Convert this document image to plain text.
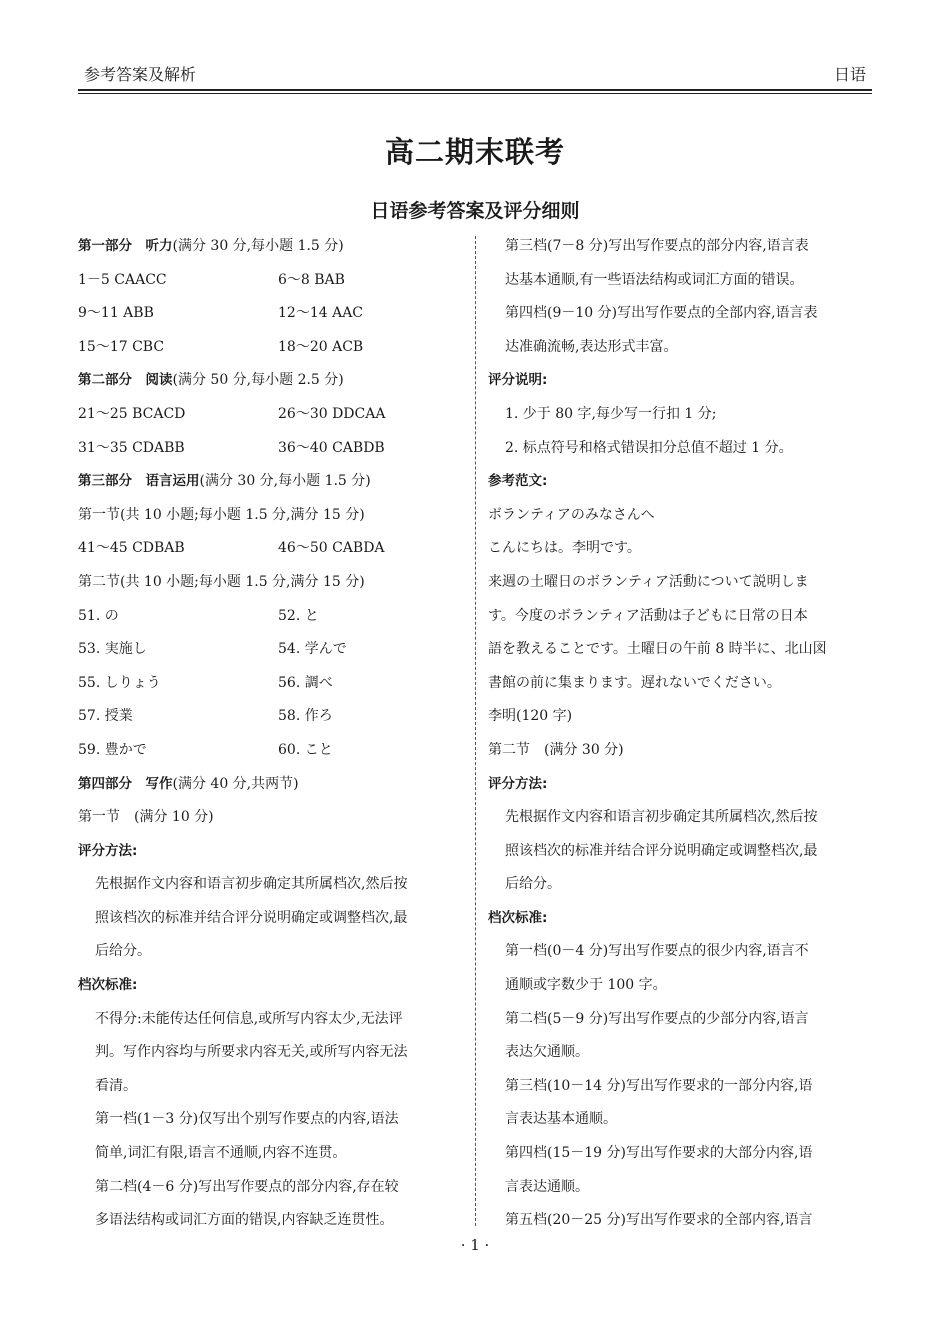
参考答案及解析	日语
高二期末联考
日语参考答案及评分细则
第一部分　听力(满分 30 分,每小题 1.5 分)
1－5 CAACC	6～8 BAB
9～11 ABB	12～14 AAC
15～17 CBC	18～20 ACB
第二部分　阅读(满分 50 分,每小题 2.5 分)
21～25 BCACD	26～30 DDCAA
31～35 CDABB	36～40 CABDB
第三部分　语言运用(满分 30 分,每小题 1.5 分)
第一节(共 10 小题;每小题 1.5 分,满分 15 分)
41～45 CDBAB	46～50 CABDA
第二节(共 10 小题;每小题 1.5 分,满分 15 分)
51. の	52. と
53. 実施し	54. 学んで
55. しりょう	56. 調べ
57. 授業	58. 作ろ
59. 豊かで	60. こと
第四部分　写作(满分 40 分,共两节)
第一节　(满分 10 分)
评分方法:
先根据作文内容和语言初步确定其所属档次,然后按
照该档次的标准并结合评分说明确定或调整档次,最
后给分。
档次标准:
不得分:未能传达任何信息,或所写内容太少,无法评
判。写作内容均与所要求内容无关,或所写内容无法
看清。
第一档(1－3 分)仅写出个别写作要点的内容,语法
简单,词汇有限,语言不通顺,内容不连贯。
第二档(4－6 分)写出写作要点的部分内容,存在较
多语法结构或词汇方面的错误,内容缺乏连贯性。
第三档(7－8 分)写出写作要点的部分内容,语言表
达基本通顺,有一些语法结构或词汇方面的错误。
第四档(9－10 分)写出写作要点的全部内容,语言表
达准确流畅,表达形式丰富。
评分说明:
1. 少于 80 字,每少写一行扣 1 分;
2. 标点符号和格式错误扣分总值不超过 1 分。
参考范文:
ボランティアのみなさんへ
こんにちは。李明です。
来週の土曜日のボランティア活動について説明しま
す。今度のボランティア活動は子どもに日常の日本
語を教えることです。土曜日の午前 8 時半に、北山図
書館の前に集まります。遅れないでください。
李明(120 字)
第二节　(满分 30 分)
评分方法:
先根据作文内容和语言初步确定其所属档次,然后按
照该档次的标准并结合评分说明确定或调整档次,最
后给分。
档次标准:
第一档(0－4 分)写出写作要点的很少内容,语言不
通顺或字数少于 100 字。
第二档(5－9 分)写出写作要点的少部分内容,语言
表达欠通顺。
第三档(10－14 分)写出写作要求的一部分内容,语
言表达基本通顺。
第四档(15－19 分)写出写作要求的大部分内容,语
言表达通顺。
第五档(20－25 分)写出写作要求的全部内容,语言
· 1 ·
